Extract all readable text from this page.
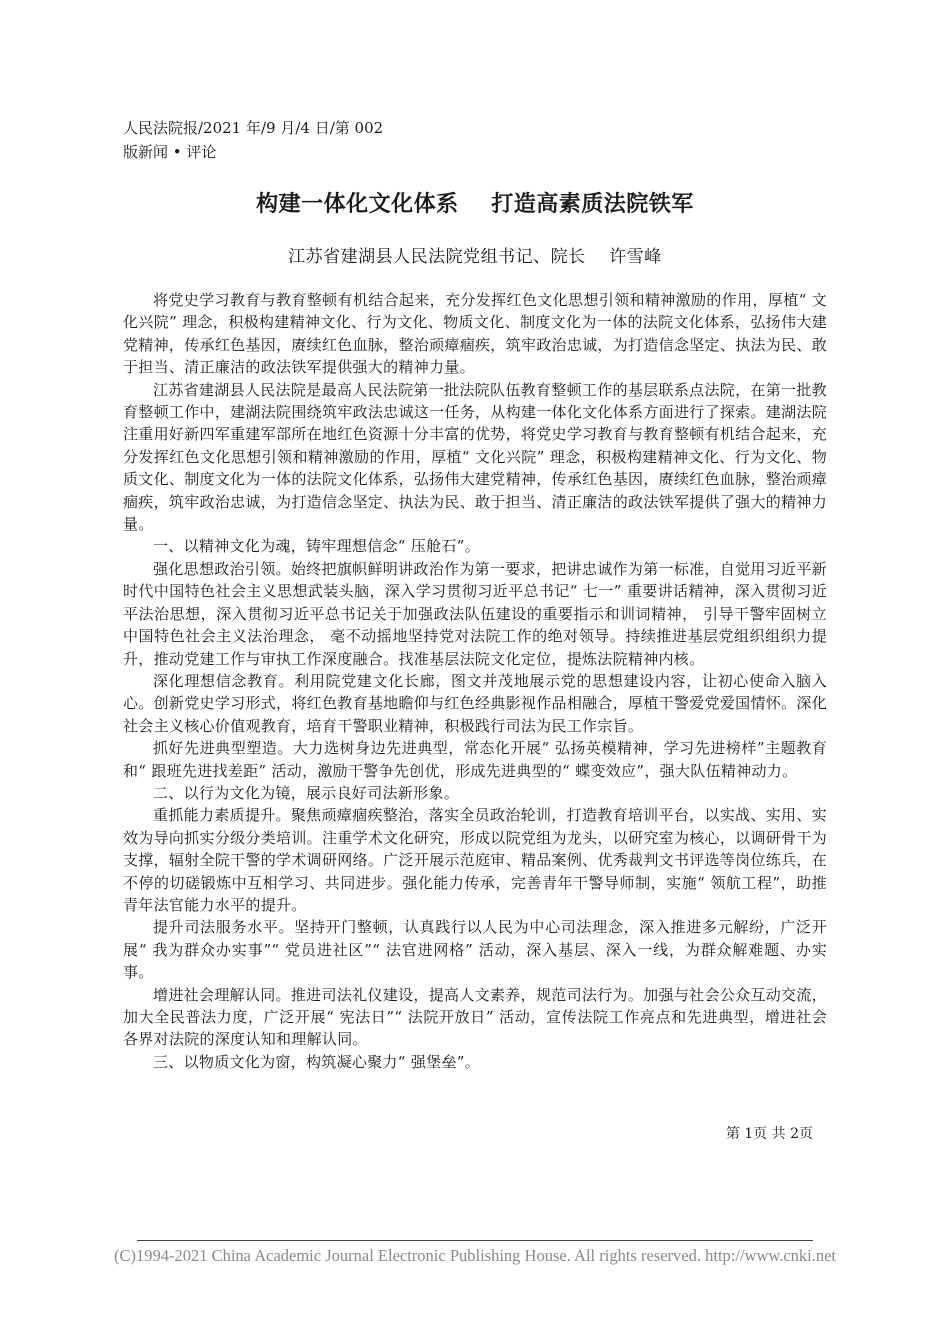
人民法院报/2021 年/9 月/4 日/第 002
版新闻 • 评论
构建一体化文化体系    打造高素质法院铁军
江苏省建湖县人民法院党组书记、院长    许雪峰

将党史学习教育与教育整顿有机结合起来，充分发挥红色文化思想引领和精神激励的作用，厚植“ 文化兴院” 理念，积极构建精神文化、行为文化、物质文化、制度文化为一体的法院文化体系，弘扬伟大建党精神，传承红色基因，赓续红色血脉，整治顽瘴痼疾，筑牢政治忠诚，为打造信念坚定、执法为民、敢于担当、清正廉洁的政法铁军提供强大的精神力量。

江苏省建湖县人民法院是最高人民法院第一批法院队伍教育整顿工作的基层联系点法院，在第一批教育整顿工作中，建湖法院围绕筑牢政法忠诚这一任务，从构建一体化文化体系方面进行了探索。建湖法院注重用好新四军重建军部所在地红色资源十分丰富的优势，将党史学习教育与教育整顿有机结合起来，充分发挥红色文化思想引领和精神激励的作用，厚植“ 文化兴院” 理念，积极构建精神文化、行为文化、物质文化、制度文化为一体的法院文化体系，弘扬伟大建党精神，传承红色基因，赓续红色血脉，整治顽瘴痼疾，筑牢政治忠诚，为打造信念坚定、执法为民、敢于担当、清正廉洁的政法铁军提供了强大的精神力量。

一、以精神文化为魂，铸牢理想信念“ 压舱石”。

强化思想政治引领。始终把旗帜鲜明讲政治作为第一要求，把讲忠诚作为第一标准，自觉用习近平新时代中国特色社会主义思想武装头脑，深入学习贯彻习近平总书记“ 七一” 重要讲话精神，深入贯彻习近平法治思想，深入贯彻习近平总书记关于加强政法队伍建设的重要指示和训词精神， 引导干警牢固树立中国特色社会主义法治理念， 毫不动摇地坚持党对法院工作的绝对领导。持续推进基层党组织组织力提升，推动党建工作与审执工作深度融合。找准基层法院文化定位，提炼法院精神内核。

深化理想信念教育。利用院党建文化长廊，图文并茂地展示党的思想建设内容，让初心使命入脑入心。创新党史学习形式，将红色教育基地瞻仰与红色经典影视作品相融合，厚植干警爱党爱国情怀。深化社会主义核心价值观教育，培育干警职业精神，积极践行司法为民工作宗旨。

抓好先进典型塑造。大力选树身边先进典型，常态化开展“ 弘扬英模精神，学习先进榜样”主题教育和“ 跟班先进找差距” 活动，激励干警争先创优，形成先进典型的“ 蝶变效应”，强大队伍精神动力。

二、以行为文化为镜，展示良好司法新形象。

重抓能力素质提升。聚焦顽瘴痼疾整治，落实全员政治轮训，打造教育培训平台，以实战、实用、实效为导向抓实分级分类培训。注重学术文化研究，形成以院党组为龙头，以研究室为核心，以调研骨干为支撑，辐射全院干警的学术调研网络。广泛开展示范庭审、精品案例、优秀裁判文书评选等岗位练兵，在不停的切磋锻炼中互相学习、共同进步。强化能力传承，完善青年干警导师制，实施“ 领航工程”，助推青年法官能力水平的提升。

提升司法服务水平。坚持开门整顿，认真践行以人民为中心司法理念，深入推进多元解纷，广泛开展“ 我为群众办实事”“ 党员进社区”“ 法官进网格” 活动，深入基层、深入一线，为群众解难题、办实事。

增进社会理解认同。推进司法礼仪建设，提高人文素养，规范司法行为。加强与社会公众互动交流，加大全民普法力度，广泛开展“ 宪法日”“ 法院开放日” 活动，宣传法院工作亮点和先进典型，增进社会各界对法院的深度认知和理解认同。

三、以物质文化为窗，构筑凝心聚力“ 强堡垒”。

第 1页 共 2页
(C)1994-2021 China Academic Journal Electronic Publishing House. All rights reserved. http://www.cnki.net
